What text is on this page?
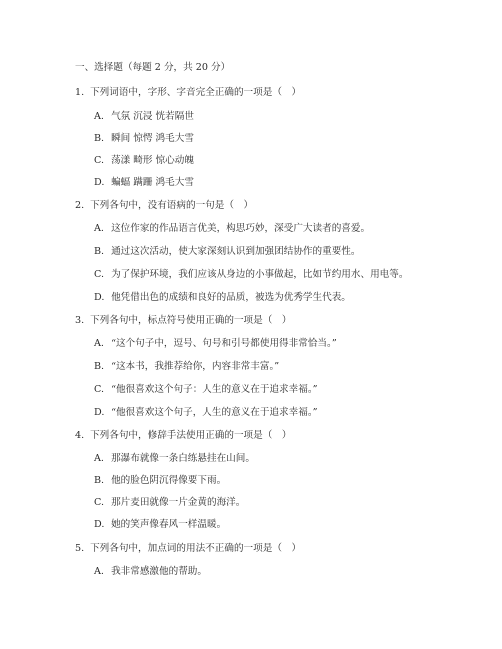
一、选择题（每题 2 分，共 20 分）
1. 下列词语中，字形、字音完全正确的一项是（　）
A. 气氛 沉浸 恍若隔世
B. 瞬间 惊愕 鸿毛大雪
C. 荡漾 畸形 惊心动魄
D. 蝙蝠 蹒跚 鸿毛大雪
2. 下列各句中，没有语病的一句是（　）
A. 这位作家的作品语言优美，构思巧妙，深受广大读者的喜爱。
B. 通过这次活动，使大家深刻认识到加强团结协作的重要性。
C. 为了保护环境，我们应该从身边的小事做起，比如节约用水、用电等。
D. 他凭借出色的成绩和良好的品质，被选为优秀学生代表。
3. 下列各句中，标点符号使用正确的一项是（　）
A. “这个句子中，逗号、句号和引号都使用得非常恰当。”
B. “这本书，我推荐给你，内容非常丰富。”
C. “他很喜欢这个句子：人生的意义在于追求幸福。”
D. “他很喜欢这个句子，人生的意义在于追求幸福。”
4. 下列各句中，修辞手法使用正确的一项是（　）
A. 那瀑布就像一条白练悬挂在山间。
B. 他的脸色阴沉得像要下雨。
C. 那片麦田就像一片金黄的海洋。
D. 她的笑声像春风一样温暖。
5. 下列各句中，加点词的用法不正确的一项是（　）
A. 我非常感激他的帮助。
